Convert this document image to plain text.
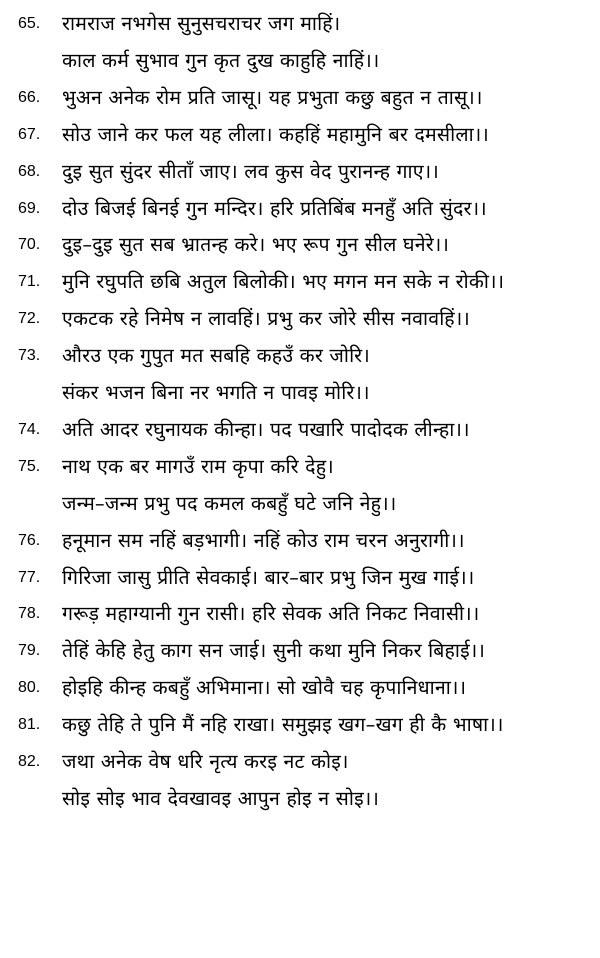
65.	रामराज नभगेस सुनुसचराचर जग माहिं।
काल कर्म सुभाव गुन कृत दुख काहुहि नाहिं।।
66.	भुअन अनेक रोम प्रति जासू। यह प्रभुता कछु बहुत न तासू।।
67.	सोउ जाने कर फल यह लीला। कहहिं महामुनि बर दमसीला।।
68.	दुइ सुत सुंदर सीताँ जाए। लव कुस वेद पुरानन्ह गाए।।
69.	दोउ बिजई बिनई गुन मन्दिर। हरि प्रतिबिंब मनहुँ अति सुंदर।।
70.	दुइ–दुइ सुत सब भ्रातन्ह करे। भए रूप गुन सील घनेरे।।
71.	मुनि रघुपति छबि अतुल बिलोकी। भए मगन मन सके न रोकी।।
72.	एकटक रहे निमेष न लावहिं। प्रभु कर जोरे सीस नवावहिं।।
73.	औरउ एक गुपुत मत सबहि कहउँ कर जोरि।
संकर भजन बिना नर भगति न पावइ मोरि।।
74.	अति आदर रघुनायक कीन्हा। पद पखारि पादोदक लीन्हा।।
75.	नाथ एक बर मागउँ राम कृपा करि देहु।
जन्म–जन्म प्रभु पद कमल कबहुँ घटे जनि नेहु।।
76.	हनूमान सम नहिं बड़भागी। नहिं कोउ राम चरन अनुरागी।।
77.	गिरिजा जासु प्रीति सेवकाई। बार–बार प्रभु जिन मुख गाई।।
78.	गरूड़ महाग्यानी गुन रासी। हरि सेवक अति निकट निवासी।।
79.	तेहिं केहि हेतु काग सन जाई। सुनी कथा मुनि निकर बिहाई।।
80.	होइहि कीन्ह कबहुँ अभिमाना। सो खोवै चह कृपानिधाना।।
81.	कछु तेहि ते पुनि मैं नहि राखा। समुझइ खग–खग ही कै भाषा।।
82.	जथा अनेक वेष धरि नृत्य करइ नट कोइ।
सोइ सोइ भाव देवखावइ आपुन होइ न सोइ।।
